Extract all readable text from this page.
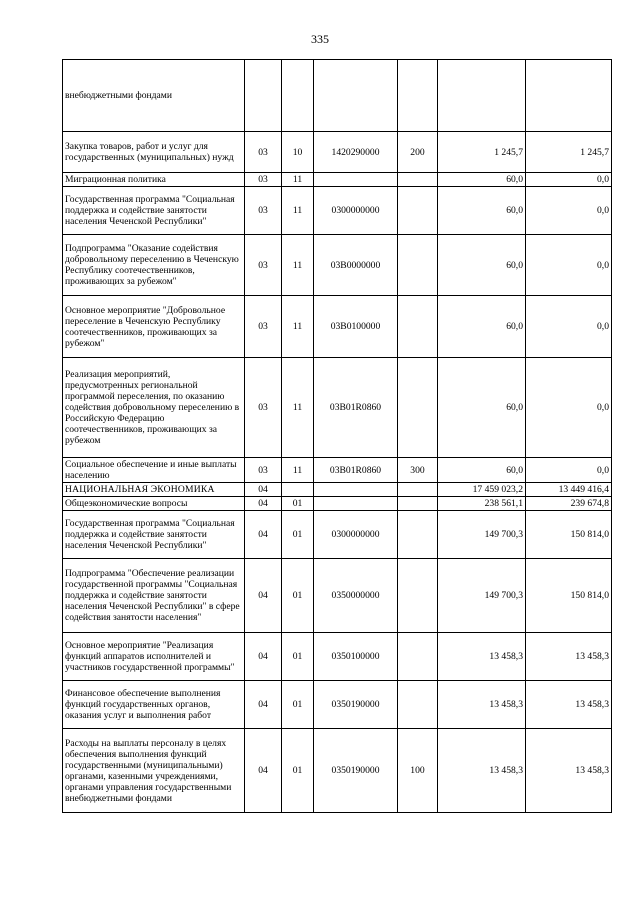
335
внебюджетными фондами						
Закупка товаров, работ и услуг для государственных (муниципальных) нужд	03	10	1420290000	200	1 245,7	1 245,7
Миграционная политика	03	11			60,0	0,0
Государственная программа "Социальная поддержка и содействие занятости населения Чеченской Республики"	03	11	0300000000		60,0	0,0
Подпрограмма "Оказание содействия добровольному переселению в Чеченскую Республику соотечественников, проживающих за рубежом"	03	11	03В0000000		60,0	0,0
Основное мероприятие "Добровольное переселение в Чеченскую Республику соотечественников, проживающих за рубежом"	03	11	03В0100000		60,0	0,0
Реализация мероприятий, предусмотренных региональной программой переселения, по оказанию содействия добровольному переселению в Российскую Федерацию соотечественников, проживающих за рубежом	03	11	03В01R0860		60,0	0,0
Социальное обеспечение и иные выплаты населению	03	11	03В01R0860	300	60,0	0,0
НАЦИОНАЛЬНАЯ ЭКОНОМИКА	04				17 459 023,2	13 449 416,4
Общеэкономические вопросы	04	01			238 561,1	239 674,8
Государственная программа "Социальная поддержка и содействие занятости населения Чеченской Республики"	04	01	0300000000		149 700,3	150 814,0
Подпрограмма "Обеспечение реализации государственной программы "Социальная поддержка и содействие занятости населения Чеченской Республики" в сфере содействия занятости населения"	04	01	0350000000		149 700,3	150 814,0
Основное мероприятие "Реализация функций аппаратов исполнителей и участников государственной программы"	04	01	0350100000		13 458,3	13 458,3
Финансовое обеспечение выполнения функций государственных органов, оказания услуг и выполнения работ	04	01	0350190000		13 458,3	13 458,3
Расходы на выплаты персоналу в целях обеспечения выполнения функций государственными (муниципальными) органами, казенными учреждениями, органами управления государственными внебюджетными фондами	04	01	0350190000	100	13 458,3	13 458,3
